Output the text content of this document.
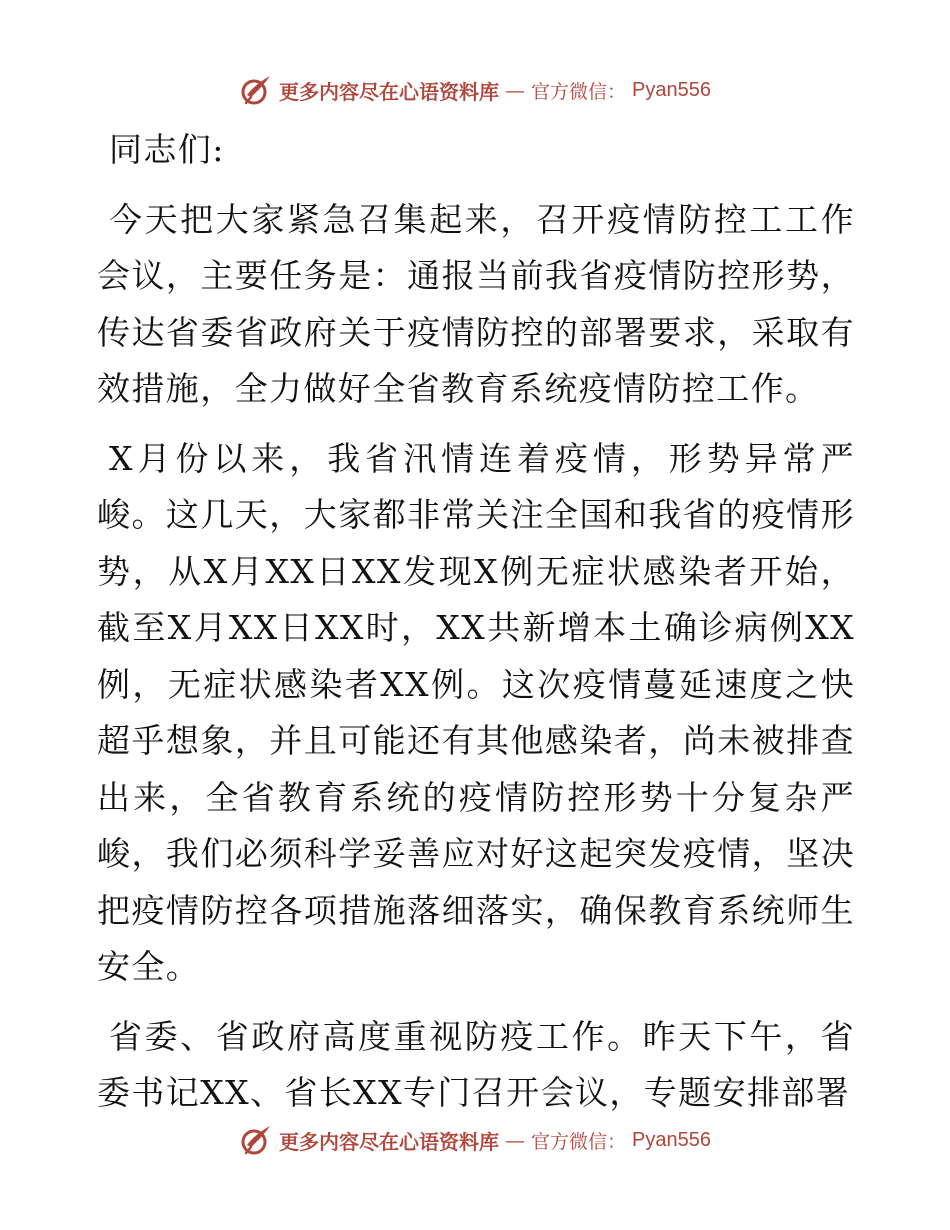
更多内容尽在心语资料库 — 官方微信： Pyan556

同志们:

今天把大家紧急召集起来，召开疫情防控工工作会议，主要任务是：通报当前我省疫情防控形势，传达省委省政府关于疫情防控的部署要求，采取有效措施，全力做好全省教育系统疫情防控工作。

X月份以来，我省汛情连着疫情，形势异常严峻。这几天，大家都非常关注全国和我省的疫情形势，从X月XX日XX发现X例无症状感染者开始，截至X月XX日XX时，XX共新增本土确诊病例XX例，无症状感染者XX例。这次疫情蔓延速度之快超乎想象，并且可能还有其他感染者，尚未被排查出来，全省教育系统的疫情防控形势十分复杂严峻，我们必须科学妥善应对好这起突发疫情，坚决把疫情防控各项措施落细落实，确保教育系统师生安全。

省委、省政府高度重视防疫工作。昨天下午，省委书记XX、省长XX专门召开会议，专题安排部署

更多内容尽在心语资料库 — 官方微信： Pyan556
